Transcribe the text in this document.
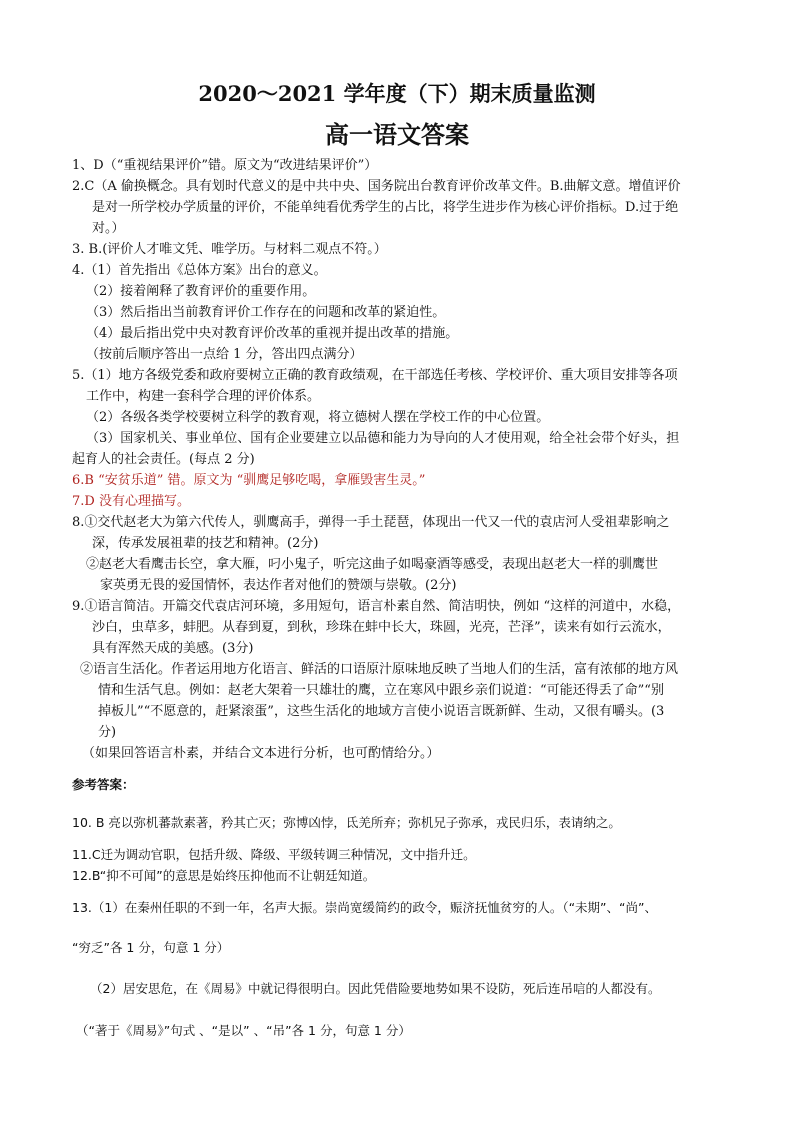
2020～2021 学年度（下）期末质量监测
高一语文答案
1、D（“重视结果评价”错。原文为“改进结果评价”）
2.C（A 偷换概念。具有划时代意义的是中共中央、国务院出台教育评价改革文件。B.曲解文意。增值评价
是对一所学校办学质量的评价，不能单纯看优秀学生的占比，将学生进步作为核心评价指标。D.过于绝
对。）
3. B.(评价人才唯文凭、唯学历。与材料二观点不符。）
4.（1）首先指出《总体方案》出台的意义。
（2）接着阐释了教育评价的重要作用。
（3）然后指出当前教育评价工作存在的问题和改革的紧迫性。
（4）最后指出党中央对教育评价改革的重视并提出改革的措施。
（按前后顺序答出一点给 1 分，答出四点满分）
5.（1）地方各级党委和政府要树立正确的教育政绩观，在干部选任考核、学校评价、重大项目安排等各项
工作中，构建一套科学合理的评价体系。
（2）各级各类学校要树立科学的教育观，将立德树人摆在学校工作的中心位置。
（3）国家机关、事业单位、国有企业要建立以品德和能力为导向的人才使用观，给全社会带个好头，担
起育人的社会责任。(每点 2 分)
6.B “安贫乐道” 错。原文为 “驯鹰足够吃喝，拿雁毁害生灵。”
7.D 没有心理描写。
8.①交代赵老大为第六代传人，驯鹰高手，弹得一手土琵琶，体现出一代又一代的袁店河人受祖辈影响之
深，传承发展祖辈的技艺和精神。(2分)
②赵老大看鹰击长空，拿大雁，叼小鬼子，听完这曲子如喝豪酒等感受，表现出赵老大一样的驯鹰世
家英勇无畏的爱国情怀，表达作者对他们的赞颂与崇敬。(2分)
9.①语言简洁。开篇交代袁店河环境，多用短句，语言朴素自然、简洁明快，例如 “这样的河道中，水稳，
沙白，虫草多，蚌肥。从春到夏，到秋，珍珠在蚌中长大，珠圆，光亮，芒泽”，读来有如行云流水，
具有浑然天成的美感。(3分)
②语言生活化。作者运用地方化语言、鲜活的口语原汁原味地反映了当地人们的生活，富有浓郁的地方风
情和生活气息。例如：赵老大架着一只雄壮的鹰，立在寒风中跟乡亲们说道：“可能还得丢了命”“别
掉板儿”“不愿意的，赶紧滚蛋”，这些生活化的地域方言使小说语言既新鲜、生动，又很有嚼头。(3
分)
（如果回答语言朴素，并结合文本进行分析，也可酌情给分。）
参考答案：
10. B 亮以弥机蕃款素著，矜其亡灭；弥博凶悖，氐羌所弃；弥机兄子弥承，戎民归乐，表请纳之。
11.C迁为调动官职，包括升级、降级、平级转调三种情况，文中指升迁。
12.B“抑不可闻”的意思是始终压抑他而不让朝廷知道。
13.（1）在秦州任职的不到一年，名声大振。崇尚宽缓简约的政令，赈济抚恤贫穷的人。（“未期”、“尚”、
“穷乏”各 1 分，句意 1 分）
（2）居安思危，在《周易》中就记得很明白。因此凭借险要地势如果不设防，死后连吊唁的人都没有。
（“著于《周易》”句式 、“是以” 、“吊”各 1 分，句意 1 分）
